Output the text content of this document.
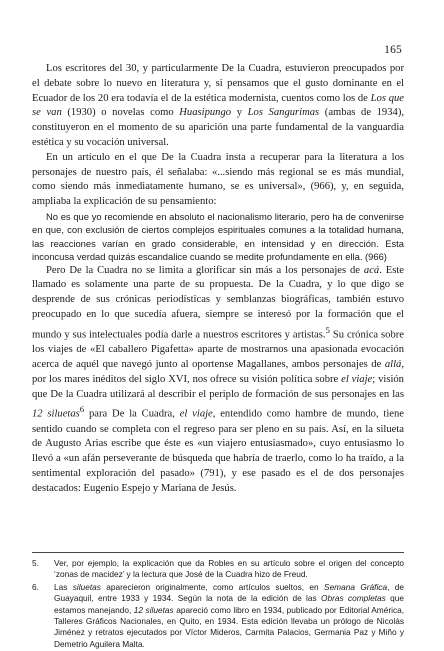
165

Los escritores del 30, y particularmente De la Cuadra, estuvieron preocupados por el debate sobre lo nuevo en literatura y, si pensamos que el gusto dominante en el Ecuador de los 20 era todavía el de la estética modernista, cuentos como los de Los que se van (1930) o novelas como Huasipungo y Los Sangurimas (ambas de 1934), constituyeron en el momento de su aparición una parte fundamental de la vanguardia estética y su vocación universal.

En un artículo en el que De la Cuadra insta a recuperar para la literatura a los personajes de nuestro país, él señalaba: «...siendo más regional se es más mundial, como siendo más inmediatamente humano, se es universal», (966), y, en seguida, ampliaba la explicación de su pensamiento:

No es que yo recomiende en absoluto el nacionalismo literario, pero ha de convenirse en que, con exclusión de ciertos complejos espirituales comunes a la totalidad humana, las reacciones varían en grado considerable, en intensidad y en dirección. Esta inconcusa verdad quizás escandalice cuando se medite profundamente en ella. (966)

Pero De la Cuadra no se limita a glorificar sin más a los personajes de acá. Este llamado es solamente una parte de su propuesta. De la Cuadra, y lo que digo se desprende de sus crónicas periodísticas y semblanzas biográficas, también estuvo preocupado en lo que sucedía afuera, siempre se interesó por la formación que el mundo y sus intelectuales podía darle a nuestros escritores y artistas.$^5$ Su crónica sobre los viajes de «El caballero Pigafetta» aparte de mostrarnos una apasionada evocación acerca de aquél que navegó junto al oportense Magallanes, ambos personajes de allá, por los mares inéditos del siglo XVI, nos ofrece su visión política sobre el viaje; visión que De la Cuadra utilizará al describir el periplo de formación de sus personajes en las 12 siluetas$^6$ para De la Cuadra, el viaje, entendido como hambre de mundo, tiene sentido cuando se completa con el regreso para ser pleno en su país. Así, en la silueta de Augusto Arias escribe que éste es «un viajero entusiasmado», cuyo entusiasmo lo llevó a «un afán perseverante de búsqueda que habría de traerlo, como lo ha traído, a la sentimental exploración del pasado» (791), y ese pasado es el de dos personajes destacados: Eugenio Espejo y Mariana de Jesús.

5.	Ver, por ejemplo, la explicación que da Robles en su artículo sobre el origen del concepto ‘zonas de macidez’ y la lectura que José de la Cuadra hizo de Freud.
6.	Las siluetas aparecieron originalmente, como artículos sueltos, en Semana Gráfica, de Guayaquil, entre 1933 y 1934. Según la nota de la edición de las Obras completas que estamos manejando, 12 siluetas apareció como libro en 1934, publicado por Editorial América, Talleres Gráficos Nacionales, en Quito, en 1934. Esta edición llevaba un prólogo de Nicolás Jiménez y retratos ejecutados por Víctor Mideros, Carmita Palacios, Germania Paz y Miño y Demetrio Aguilera Malta.
